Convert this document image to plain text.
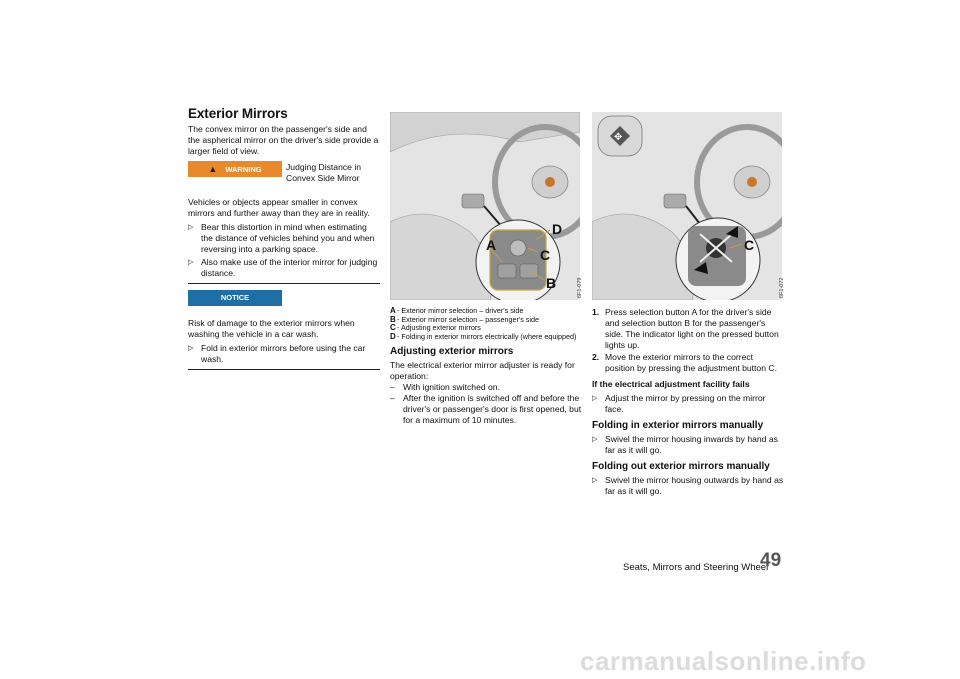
Exterior Mirrors

The convex mirror on the passenger's side and the aspherical mirror on the driver's side provide a larger field of view.

▲ WARNING	Judging Distance in Convex Side Mirror

Vehicles or objects appear smaller in convex mirrors and further away than they are in reality.

▷ Bear this distortion in mind when estimating the distance of vehicles behind you and when reversing into a parking space.
▷ Also make use of the interior mirror for judging distance.
NOTICE

Risk of damage to the exterior mirrors when washing the vehicle in a car wash.

▷ Fold in exterior mirrors before using the car wash.
A
B
C
D
6F1-079
A - Exterior mirror selection – driver's side
B - Exterior mirror selection – passenger's side
C - Adjusting exterior mirrors
D - Folding in exterior mirrors electrically (where equipped)
Adjusting exterior mirrors

The electrical exterior mirror adjuster is ready for operation:

– With ignition switched on.
– After the ignition is switched off and before the driver's or passenger's door is first opened, but for a maximum of 10 minutes.
✥
C
6F1-072
1. Press selection button A for the driver's side and selection button B for the passenger's side. The indicator light on the pressed button lights up.
2. Move the exterior mirrors to the correct position by pressing the adjustment button C.

If the electrical adjustment facility fails

▷ Adjust the mirror by pressing on the mirror face.
Folding in exterior mirrors manually
▷ Swivel the mirror housing inwards by hand as far as it will go.
Folding out exterior mirrors manually
▷ Swivel the mirror housing outwards by hand as far as it will go.
Seats, Mirrors and Steering Wheel
49
carmanualsonline.info
